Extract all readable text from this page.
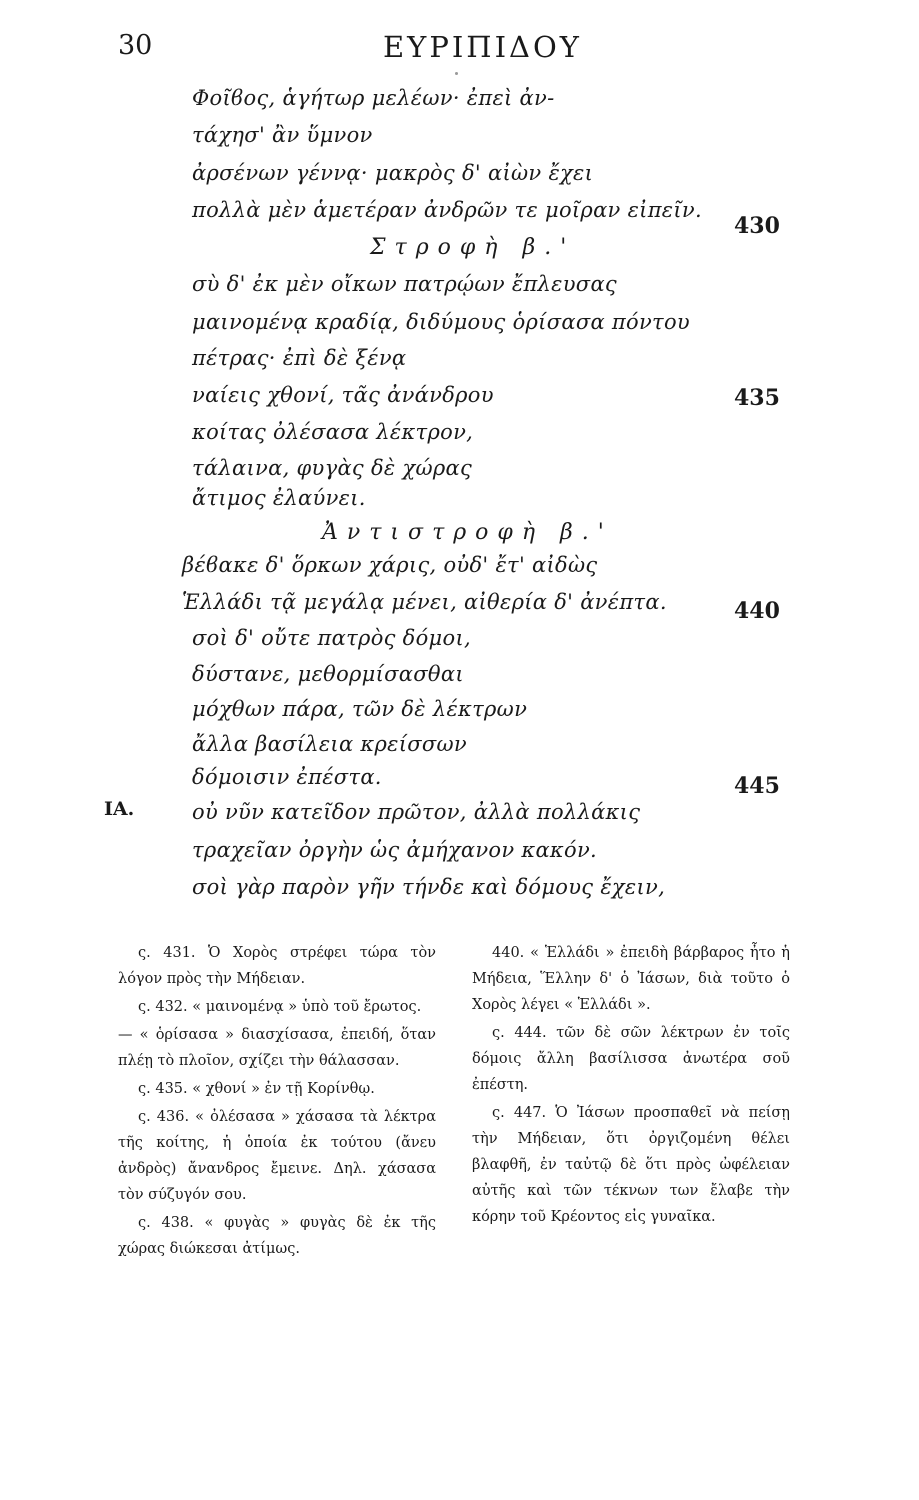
30	ΕΥΡΙΠΙΔΟΥ
Φοῖϐος, ἁγήτωρ μελέων· ἐπεὶ ἀν-
τάχησ' ἂν ὕμνον
ἀρσένων γέννᾳ· μακρὸς δ' αἰὼν ἔχει
πολλὰ μὲν ἁμετέραν ἀνδρῶν τε μοῖραν εἰπεῖν.
Στροφὴ β.'
σὺ δ' ἐκ μὲν οἴκων πατρῴων ἔπλευσας
μαινομένᾳ κραδίᾳ, διδύμους ὁρίσασα πόντου
πέτρας· ἐπὶ δὲ ξένᾳ
ναίεις χθονί, τᾶς ἀνάνδρου
κοίτας ὀλέσασα λέκτρον,
τάλαινα, φυγὰς δὲ χώρας
ἄτιμος ἐλαύνει.
Ἀντιστροφὴ β.'
βέϐακε δ' ὅρκων χάρις, οὐδ' ἔτ' αἰδὼς
Ἑλλάδι τᾷ μεγάλᾳ μένει, αἰθερία δ' ἀνέπτα.
σοὶ δ' οὔτε πατρὸς δόμοι,
δύστανε, μεθορμίσασθαι
μόχθων πάρα, τῶν δὲ λέκτρων
ἄλλα βασίλεια κρείσσων
δόμοισιν ἐπέστα.
οὐ νῦν κατεῖδον πρῶτον, ἀλλὰ πολλάκις
τραχεῖαν ὀργὴν ὡς ἀμήχανον κακόν.
σοὶ γὰρ παρὸν γῆν τήνδε καὶ δόμους ἔχειν,
430
435
440
445
ΙΑ.

ς. 431. Ὁ Χορὸς στρέφει τώρα τὸν λόγον πρὸς τὴν Μήδειαν.

ς. 432. « μαινομένᾳ » ὑπὸ τοῦ ἔρωτος.

— « ὁρίσασα » διασχίσασα, ἐπειδή, ὅταν πλέῃ τὸ πλοῖον, σχίζει τὴν θάλασσαν.

ς. 435. « χθονί » ἐν τῇ Κορίνθῳ.

ς. 436. « ὀλέσασα » χάσασα τὰ λέκτρα τῆς κοίτης, ἡ ὁποία ἐκ τούτου (ἄνευ ἀνδρὸς) ἄνανδρος ἔμεινε. Δηλ. χάσασα τὸν σύζυγόν σου.

ς. 438. « φυγὰς » φυγὰς δὲ ἐκ τῆς χώρας διώκεσαι ἀτίμως.

440. « Ἑλλάδι » ἐπειδὴ βάρβαρος ἦτο ἡ Μήδεια, Ἕλλην δ' ὁ Ἰάσων, διὰ τοῦτο ὁ Χορὸς λέγει « Ἑλλάδι ».

ς. 444. τῶν δὲ σῶν λέκτρων ἐν τοῖς δόμοις ἄλλη βασίλισσα ἀνωτέρα σοῦ ἐπέστη.

ς. 447. Ὁ Ἰάσων προσπαθεῖ νὰ πείσῃ τὴν Μήδειαν, ὅτι ὀργιζομένη θέλει βλαφθῆ, ἐν ταὐτῷ δὲ ὅτι πρὸς ὠφέλειαν αὐτῆς καὶ τῶν τέκνων των ἔλαβε τὴν κόρην τοῦ Κρέοντος εἰς γυναῖκα.
